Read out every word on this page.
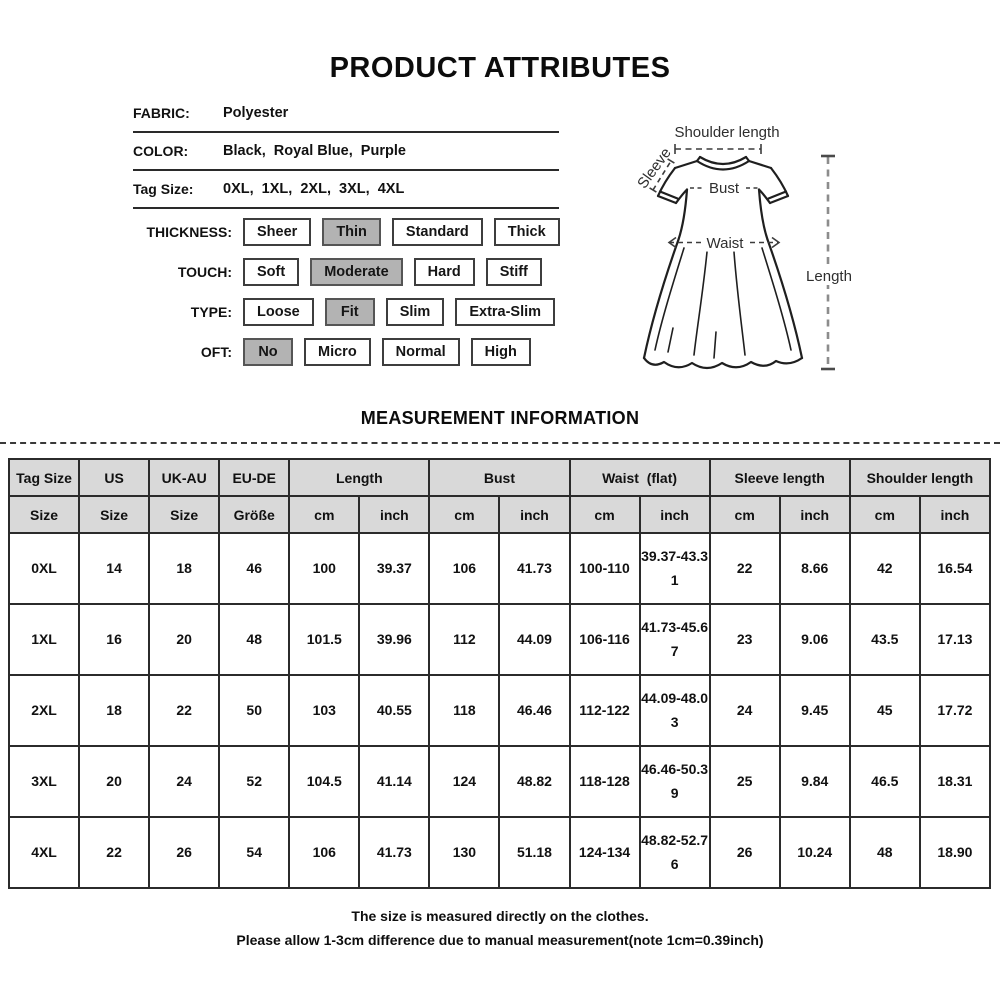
PRODUCT ATTRIBUTES
FABRIC:	Polyester
COLOR:	Black,  Royal Blue,  Purple
Tag Size:	0XL,  1XL,  2XL,  3XL,  4XL
THICKNESS:	Sheer	Thin	Standard	Thick
TOUCH:	Soft	Moderate	Hard	Stiff
TYPE:	Loose	Fit	Slim	Extra-Slim
OFT:	No	Micro	Normal	High
Shoulder length
Sleeve Bust
Waist
Length
MEASUREMENT INFORMATION
Tag Size	US	UK-AU	EU-DE	Length		Bust		Waist  (flat)		Sleeve length		Shoulder length	
Size	Size	Size	Größe	cm	inch	cm	inch	cm	inch	cm	inch	cm	inch
0XL	14	18	46	100	39.37	106	41.73	100-110	39.37-43.31	22	8.66	42	16.54
1XL	16	20	48	101.5	39.96	112	44.09	106-116	41.73-45.67	23	9.06	43.5	17.13
2XL	18	22	50	103	40.55	118	46.46	112-122	44.09-48.03	24	9.45	45	17.72
3XL	20	24	52	104.5	41.14	124	48.82	118-128	46.46-50.39	25	9.84	46.5	18.31
4XL	22	26	54	106	41.73	130	51.18	124-134	48.82-52.76	26	10.24	48	18.90
The size is measured directly on the clothes.
Please allow 1-3cm difference due to manual measurement(note 1cm=0.39inch)
